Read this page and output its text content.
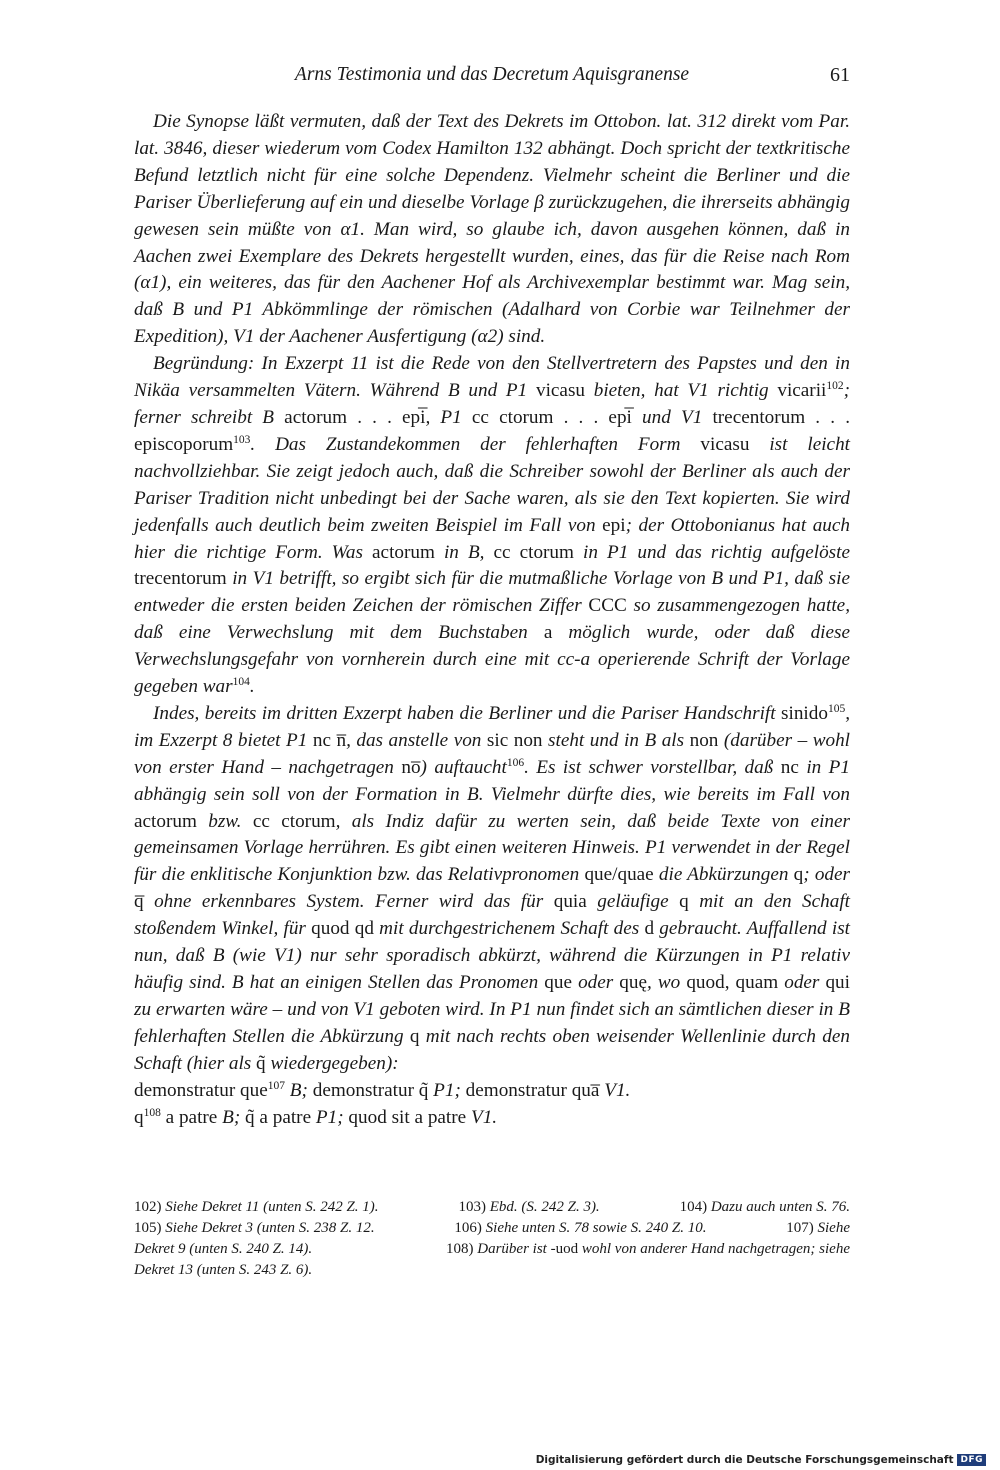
Arns Testimonia und das Decretum Aquisgranense	61

Die Synopse läßt vermuten, daß der Text des Dekrets im Ottobon. lat. 312 direkt vom Par. lat. 3846, dieser wiederum vom Codex Hamilton 132 abhängt. Doch spricht der textkritische Befund letztlich nicht für eine solche Dependenz. Vielmehr scheint die Berliner und die Pariser Überlieferung auf ein und dieselbe Vorlage β zurückzugehen, die ihrerseits abhängig gewesen sein müßte von α1. Man wird, so glaube ich, davon ausgehen können, daß in Aachen zwei Exemplare des Dekrets hergestellt wurden, eines, das für die Reise nach Rom (α1), ein weiteres, das für den Aachener Hof als Archivexemplar bestimmt war. Mag sein, daß B und P1 Abkömmlinge der römischen (Adalhard von Corbie war Teilnehmer der Expedition), V1 der Aachener Ausfertigung (α2) sind.

Begründung: In Exzerpt 11 ist die Rede von den Stellvertretern des Papstes und den in Nikäa versammelten Vätern. Während B und P1 vicasu bieten, hat V1 richtig vicarii$^{102}$; ferner schreibt B actorum . . . epi̅, P1 cc ctorum . . . epi̅ und V1 trecentorum . . . episcoporum$^{103}$. Das Zustandekommen der fehlerhaften Form vicasu ist leicht nachvollziehbar. Sie zeigt jedoch auch, daß die Schreiber sowohl der Berliner als auch der Pariser Tradition nicht unbedingt bei der Sache waren, als sie den Text kopierten. Sie wird jedenfalls auch deutlich beim zweiten Beispiel im Fall von epi; der Ottobonianus hat auch hier die richtige Form. Was actorum in B, cc ctorum in P1 und das richtig aufgelöste trecentorum in V1 betrifft, so ergibt sich für die mutmaßliche Vorlage von B und P1, daß sie entweder die ersten beiden Zeichen der römischen Ziffer CCC so zusammengezogen hatte, daß eine Verwechslung mit dem Buchstaben a möglich wurde, oder daß diese Verwechslungsgefahr von vornherein durch eine mit cc-a operierende Schrift der Vorlage gegeben war$^{104}$.

Indes, bereits im dritten Exzerpt haben die Berliner und die Pariser Handschrift sinido$^{105}$, im Exzerpt 8 bietet P1 nc n̅, das anstelle von sic non steht und in B als non (darüber – wohl von erster Hand – nachgetragen no̅) auftaucht$^{106}$. Es ist schwer vorstellbar, daß nc in P1 abhängig sein soll von der Formation in B. Vielmehr dürfte dies, wie bereits im Fall von actorum bzw. cc ctorum, als Indiz dafür zu werten sein, daß beide Texte von einer gemeinsamen Vorlage herrühren. Es gibt einen weiteren Hinweis. P1 verwendet in der Regel für die enklitische Konjunktion bzw. das Relativpronomen que/quae die Abkürzungen q; oder q̅ ohne erkennbares System. Ferner wird das für quia geläufige q mit an den Schaft stoßendem Winkel, für quod qd mit durchgestrichenem Schaft des d gebraucht. Auffallend ist nun, daß B (wie V1) nur sehr sporadisch abkürzt, während die Kürzungen in P1 relativ häufig sind. B hat an einigen Stellen das Pronomen que oder quę, wo quod, quam oder qui zu erwarten wäre – und von V1 geboten wird. In P1 nun findet sich an sämtlichen dieser in B fehlerhaften Stellen die Abkürzung q mit nach rechts oben weisender Wellenlinie durch den Schaft (hier als q̃ wiedergegeben):
demonstratur que$^{107}$ B; demonstratur q̃ P1; demonstratur qua̅ V1.
$q^{108}$ a patre B; q̃ a patre P1; quod sit a patre V1.

102) Siehe Dekret 11 (unten S. 242 Z. 1).	103) Ebd. (S. 242 Z. 3).	104) Dazu auch unten S. 76.
105) Siehe Dekret 3 (unten S. 238 Z. 12.	106) Siehe unten S. 78 sowie S. 240 Z. 10.	107) Siehe
Dekret 9 (unten S. 240 Z. 14).	108) Darüber ist -uod wohl von anderer Hand nachgetragen; siehe
Dekret 13 (unten S. 243 Z. 6).
Digitalisierung gefördert durch die Deutsche Forschungsgemeinschaft DFG
